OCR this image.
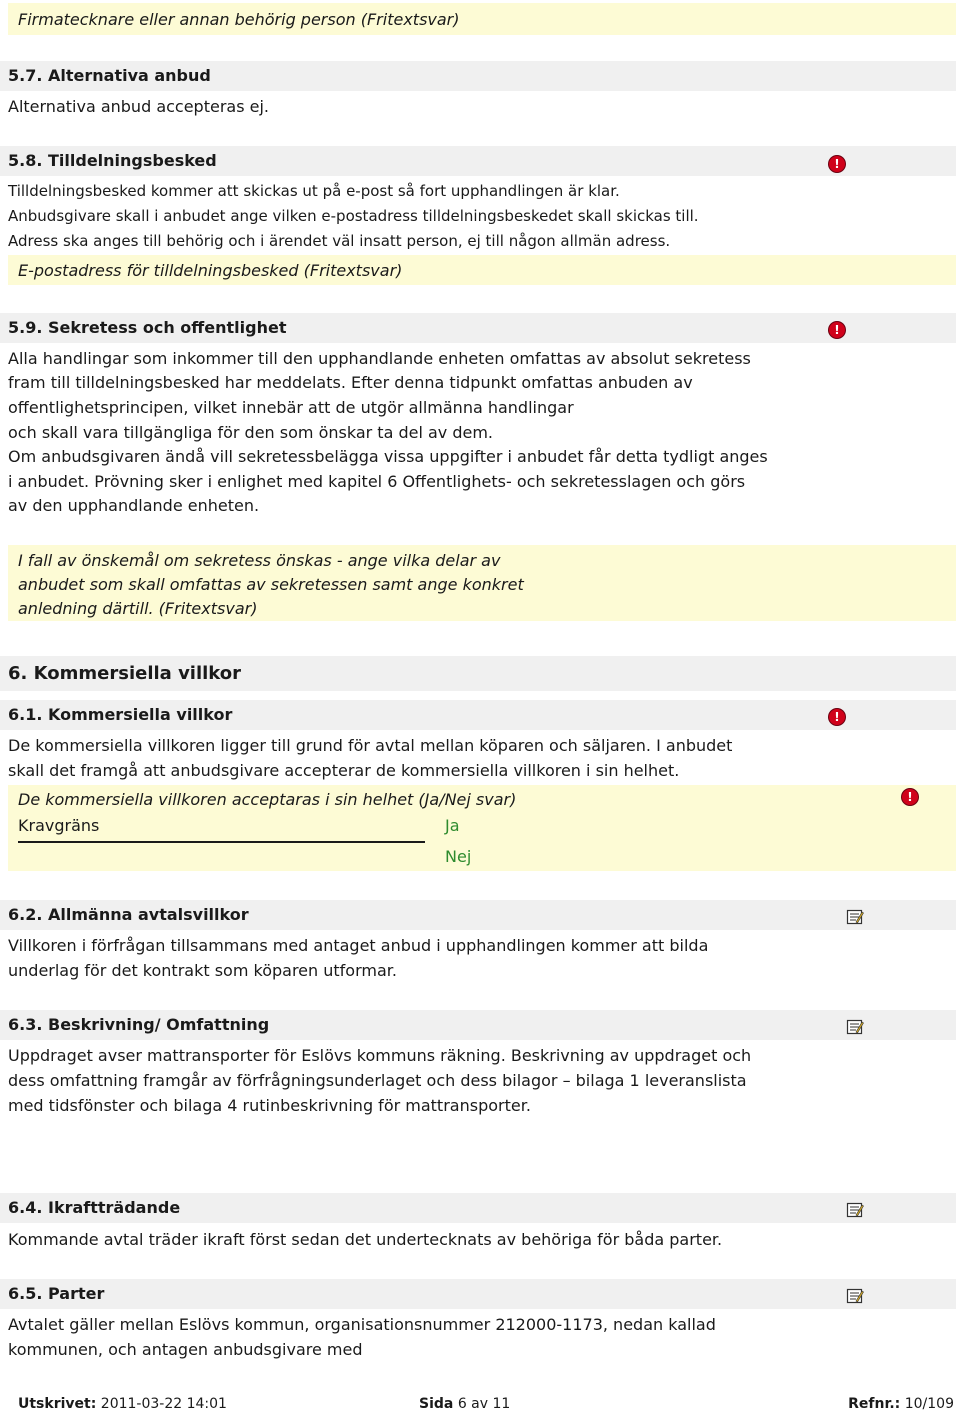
Firmatecknare eller annan behörig person (Fritextsvar)
5.7. Alternativa anbud
Alternativa anbud accepteras ej.
5.8. Tilldelningsbesked	!
Tilldelningsbesked kommer att skickas ut på e-post så fort upphandlingen är klar.
Anbudsgivare skall i anbudet ange vilken e-postadress tilldelningsbeskedet skall skickas till.
Adress ska anges till behörig och i ärendet väl insatt person, ej till någon allmän adress.
E-postadress för tilldelningsbesked (Fritextsvar)
5.9. Sekretess och offentlighet	!
Alla handlingar som inkommer till den upphandlande enheten omfattas av absolut sekretess
fram till tilldelningsbesked har meddelats. Efter denna tidpunkt omfattas anbuden av
offentlighetsprincipen, vilket innebär att de utgör allmänna handlingar
och skall vara tillgängliga för den som önskar ta del av dem.
Om anbudsgivaren ändå vill sekretessbelägga vissa uppgifter i anbudet får detta tydligt anges
i anbudet. Prövning sker i enlighet med kapitel 6 Offentlighets- och sekretesslagen och görs
av den upphandlande enheten.
I fall av önskemål om sekretess önskas - ange vilka delar av
anbudet som skall omfattas av sekretessen samt ange konkret
anledning därtill. (Fritextsvar)
6. Kommersiella villkor
6.1. Kommersiella villkor	!
De kommersiella villkoren ligger till grund för avtal mellan köparen och säljaren. I anbudet
skall det framgå att anbudsgivare accepterar de kommersiella villkoren i sin helhet.
De kommersiella villkoren acceptaras i sin helhet (Ja/Nej svar)
Kravgräns	Ja
Nej
!
6.2. Allmänna avtalsvillkor
Villkoren i förfrågan tillsammans med antaget anbud i upphandlingen kommer att bilda
underlag för det kontrakt som köparen utformar.
6.3. Beskrivning/ Omfattning
Uppdraget avser mattransporter för Eslövs kommuns räkning. Beskrivning av uppdraget och
dess omfattning framgår av förfrågningsunderlaget och dess bilagor – bilaga 1 leveranslista
med tidsfönster och bilaga 4 rutinbeskrivning för mattransporter.
6.4. Ikraftträdande
Kommande avtal träder ikraft först sedan det undertecknats av behöriga för båda parter.
6.5. Parter
Avtalet gäller mellan Eslövs kommun, organisationsnummer 212000-1173, nedan kallad
kommunen, och antagen anbudsgivare med
Utskrivet: 2011-03-22 14:01	Sida 6 av 11	Refnr.: 10/109
